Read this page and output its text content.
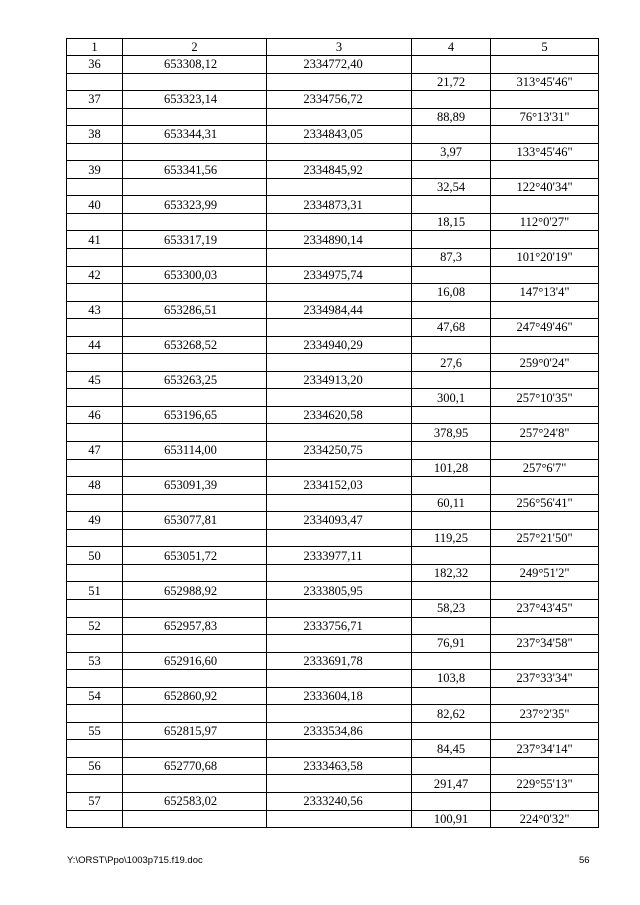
1	2	3	4	5
36	653308,12	2334772,40		
			21,72	313°45'46"
37	653323,14	2334756,72		
			88,89	76°13'31"
38	653344,31	2334843,05		
			3,97	133°45'46"
39	653341,56	2334845,92		
			32,54	122°40'34"
40	653323,99	2334873,31		
			18,15	112°0'27"
41	653317,19	2334890,14		
			87,3	101°20'19"
42	653300,03	2334975,74		
			16,08	147°13'4"
43	653286,51	2334984,44		
			47,68	247°49'46"
44	653268,52	2334940,29		
			27,6	259°0'24"
45	653263,25	2334913,20		
			300,1	257°10'35"
46	653196,65	2334620,58		
			378,95	257°24'8"
47	653114,00	2334250,75		
			101,28	257°6'7"
48	653091,39	2334152,03		
			60,11	256°56'41"
49	653077,81	2334093,47		
			119,25	257°21'50"
50	653051,72	2333977,11		
			182,32	249°51'2"
51	652988,92	2333805,95		
			58,23	237°43'45"
52	652957,83	2333756,71		
			76,91	237°34'58"
53	652916,60	2333691,78		
			103,8	237°33'34"
54	652860,92	2333604,18		
			82,62	237°2'35"
55	652815,97	2333534,86		
			84,45	237°34'14"
56	652770,68	2333463,58		
			291,47	229°55'13"
57	652583,02	2333240,56		
			100,91	224°0'32"
Y:\ORST\Ppo\1003p715.f19.doc	56
